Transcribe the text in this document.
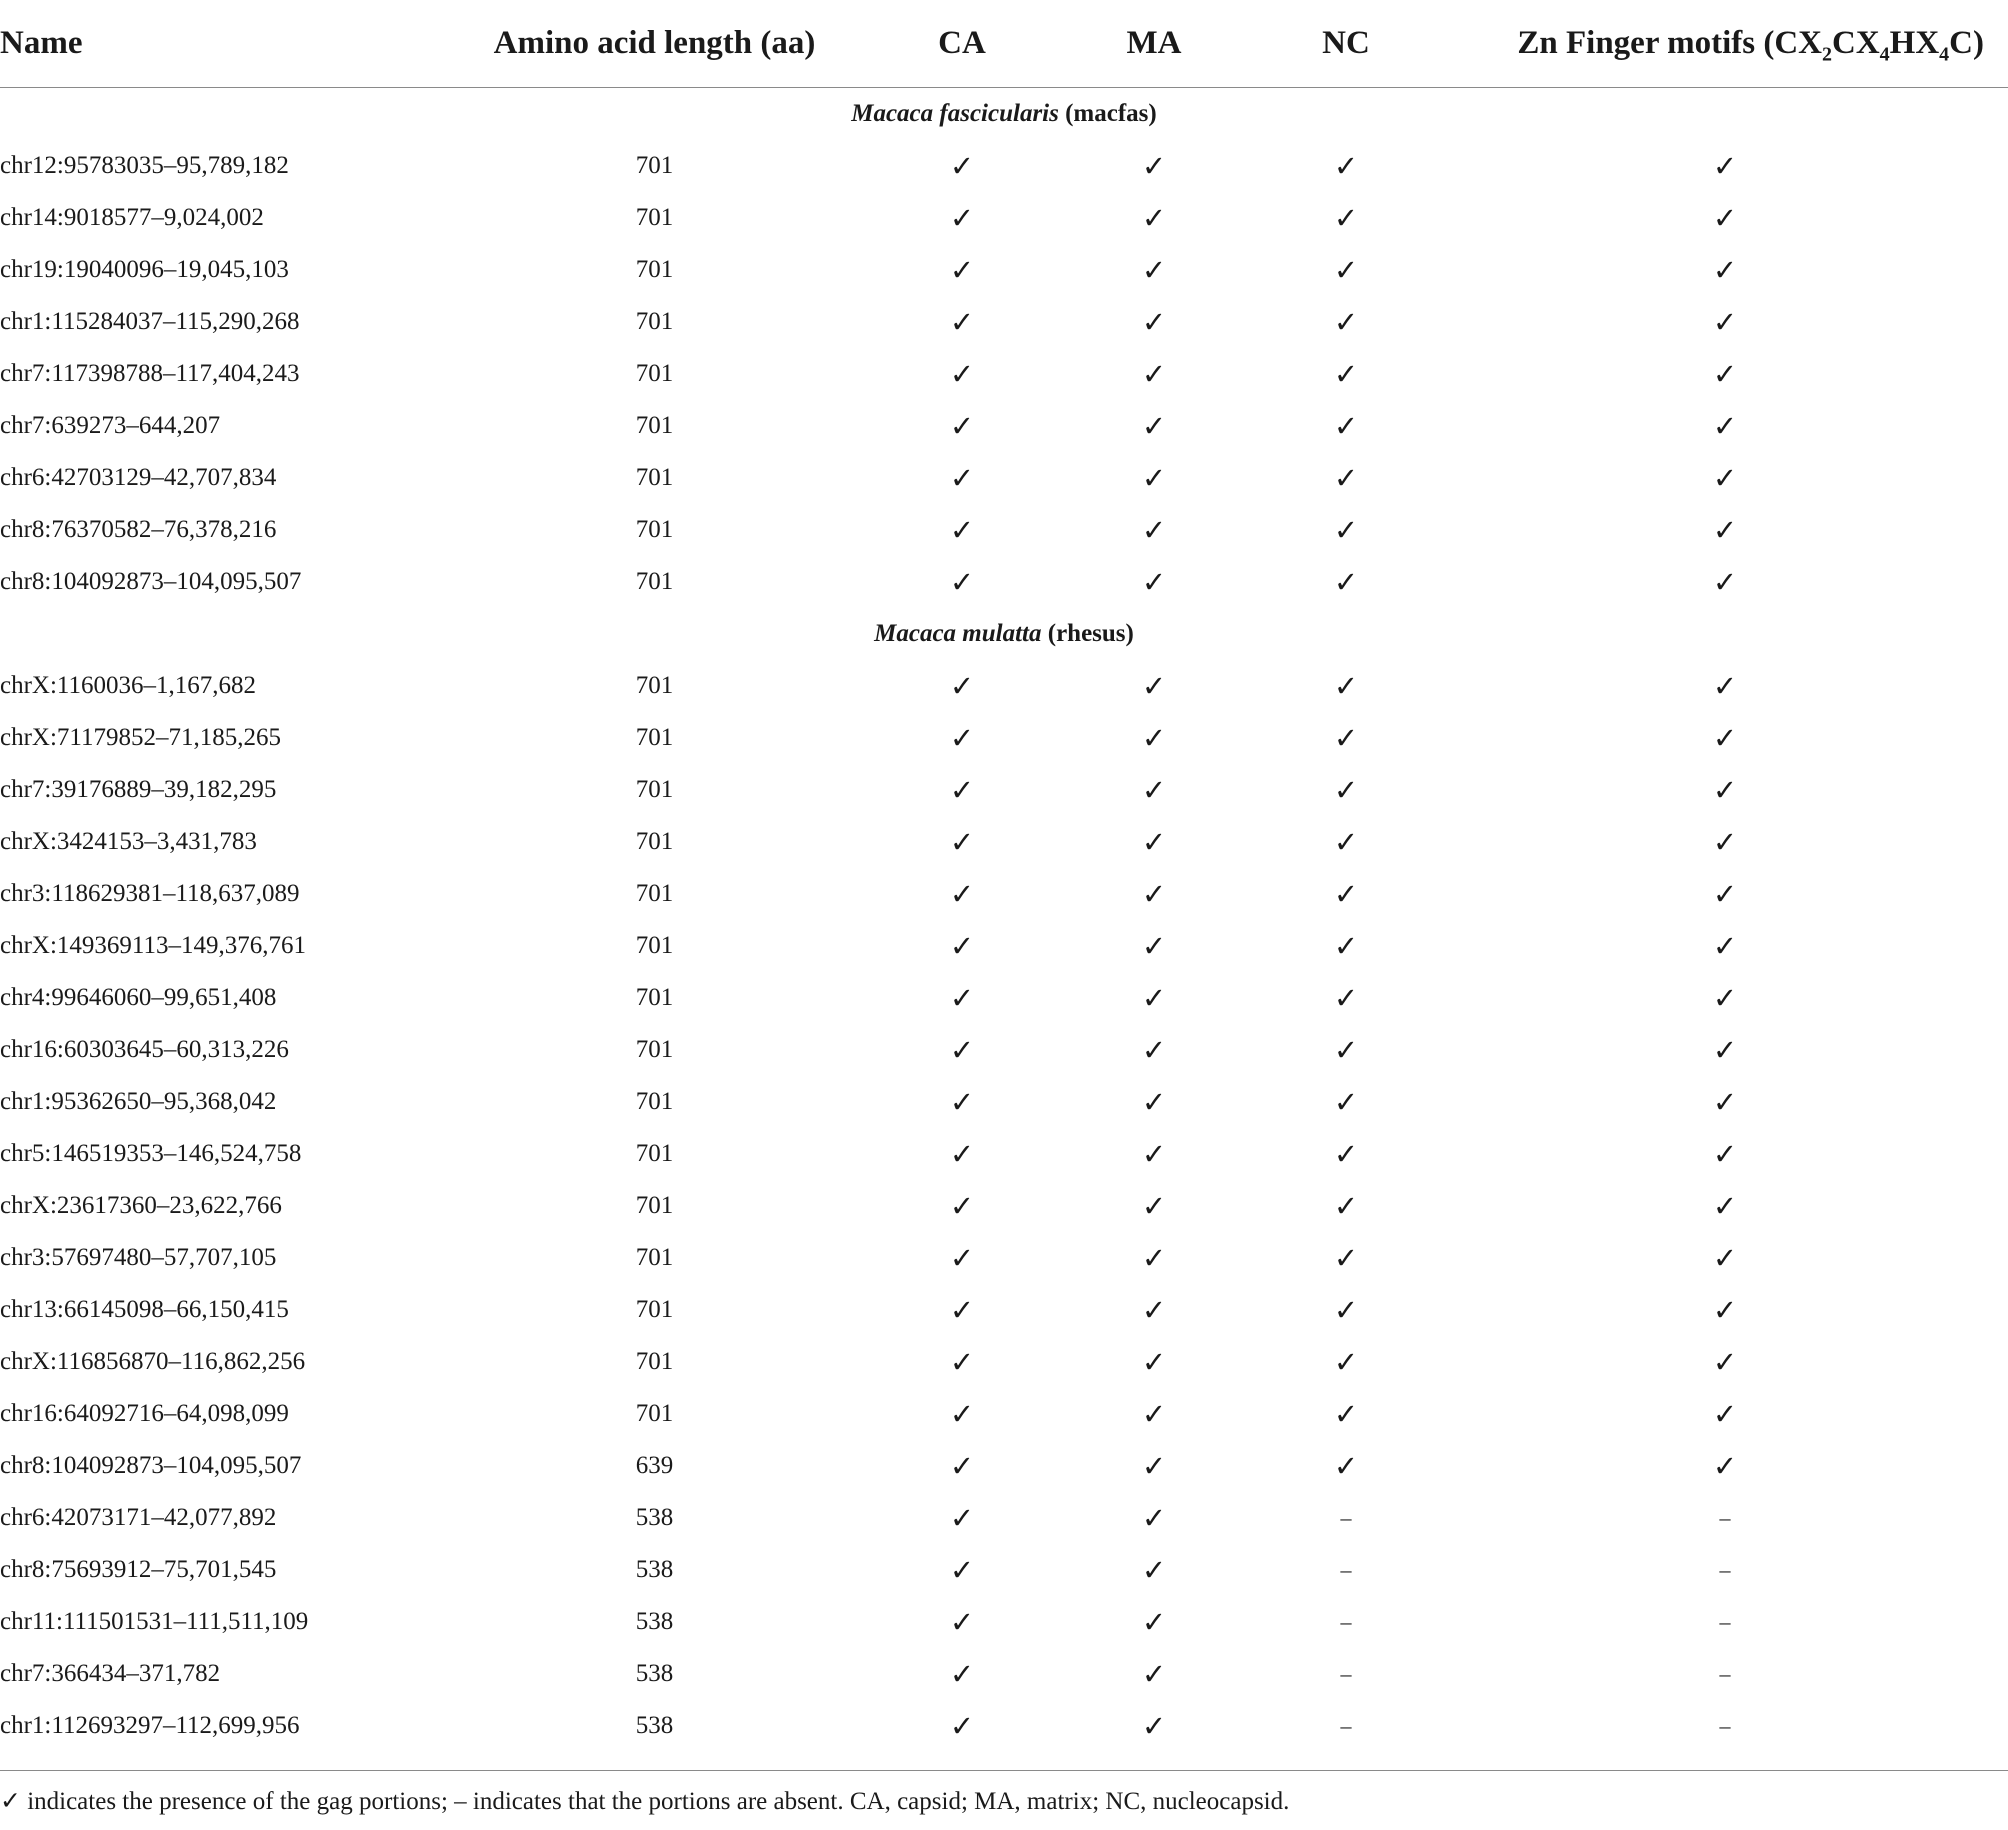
Name	Amino acid length (aa)	CA	MA	NC	Zn Finger motifs $(CX_2CX_4HX_4C)$
Macaca fascicularis (macfas)					
chr12:95783035–95,789,182	701	✓	✓	✓	✓
chr14:9018577–9,024,002	701	✓	✓	✓	✓
chr19:19040096–19,045,103	701	✓	✓	✓	✓
chr1:115284037–115,290,268	701	✓	✓	✓	✓
chr7:117398788–117,404,243	701	✓	✓	✓	✓
chr7:639273–644,207	701	✓	✓	✓	✓
chr6:42703129–42,707,834	701	✓	✓	✓	✓
chr8:76370582–76,378,216	701	✓	✓	✓	✓
chr8:104092873–104,095,507	701	✓	✓	✓	✓
Macaca mulatta (rhesus)					
chrX:1160036–1,167,682	701	✓	✓	✓	✓
chrX:71179852–71,185,265	701	✓	✓	✓	✓
chr7:39176889–39,182,295	701	✓	✓	✓	✓
chrX:3424153–3,431,783	701	✓	✓	✓	✓
chr3:118629381–118,637,089	701	✓	✓	✓	✓
chrX:149369113–149,376,761	701	✓	✓	✓	✓
chr4:99646060–99,651,408	701	✓	✓	✓	✓
chr16:60303645–60,313,226	701	✓	✓	✓	✓
chr1:95362650–95,368,042	701	✓	✓	✓	✓
chr5:146519353–146,524,758	701	✓	✓	✓	✓
chrX:23617360–23,622,766	701	✓	✓	✓	✓
chr3:57697480–57,707,105	701	✓	✓	✓	✓
chr13:66145098–66,150,415	701	✓	✓	✓	✓
chrX:116856870–116,862,256	701	✓	✓	✓	✓
chr16:64092716–64,098,099	701	✓	✓	✓	✓
chr8:104092873–104,095,507	639	✓	✓	✓	✓
chr6:42073171–42,077,892	538	✓	✓	–	–
chr8:75693912–75,701,545	538	✓	✓	–	–
chr11:111501531–111,511,109	538	✓	✓	–	–
chr7:366434–371,782	538	✓	✓	–	–
chr1:112693297–112,699,956	538	✓	✓	–	–
✓ indicates the presence of the gag portions; – indicates that the portions are absent. CA, capsid; MA, matrix; NC, nucleocapsid.
